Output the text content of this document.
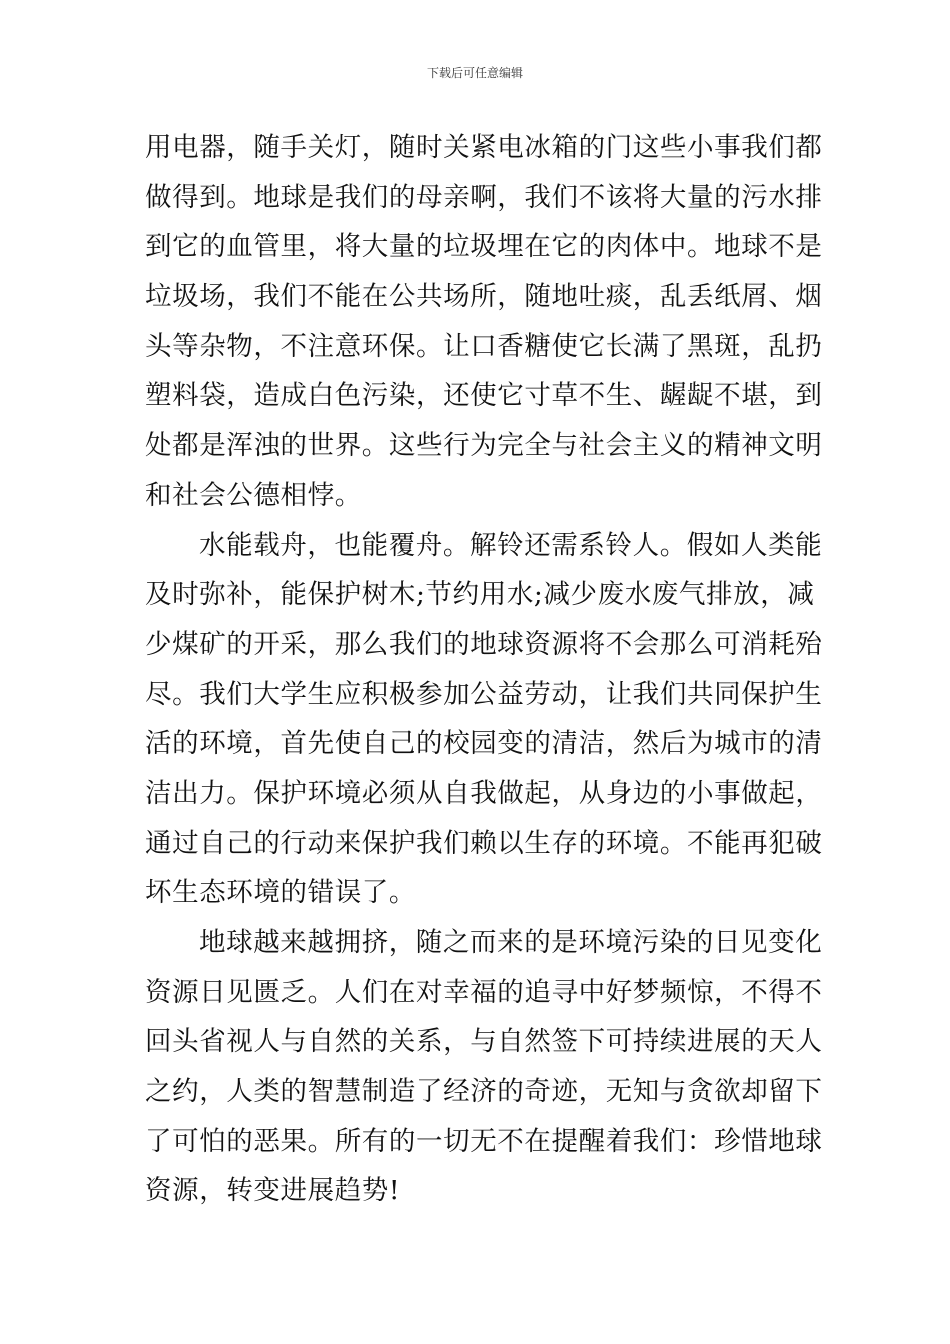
下载后可任意编辑

用电器，随手关灯，随时关紧电冰箱的门这些小事我们都
做得到。地球是我们的母亲啊，我们不该将大量的污水排
到它的血管里，将大量的垃圾埋在它的肉体中。地球不是
垃圾场，我们不能在公共场所，随地吐痰，乱丢纸屑、烟
头等杂物，不注意环保。让口香糖使它长满了黑斑，乱扔
塑料袋，造成白色污染，还使它寸草不生、龌龊不堪，到
处都是浑浊的世界。这些行为完全与社会主义的精神文明
和社会公德相悖。

水能载舟，也能覆舟。解铃还需系铃人。假如人类能
及时弥补，能保护树木;节约用水;减少废水废气排放，减
少煤矿的开采，那么我们的地球资源将不会那么可消耗殆
尽。我们大学生应积极参加公益劳动，让我们共同保护生
活的环境，首先使自己的校园变的清洁，然后为城市的清
洁出力。保护环境必须从自我做起，从身边的小事做起，
通过自己的行动来保护我们赖以生存的环境。不能再犯破
坏生态环境的错误了。

地球越来越拥挤，随之而来的是环境污染的日见变化
资源日见匮乏。人们在对幸福的追寻中好梦频惊，不得不
回头省视人与自然的关系，与自然签下可持续进展的天人
之约，人类的智慧制造了经济的奇迹，无知与贪欲却留下
了可怕的恶果。所有的一切无不在提醒着我们：珍惜地球
资源，转变进展趋势!
